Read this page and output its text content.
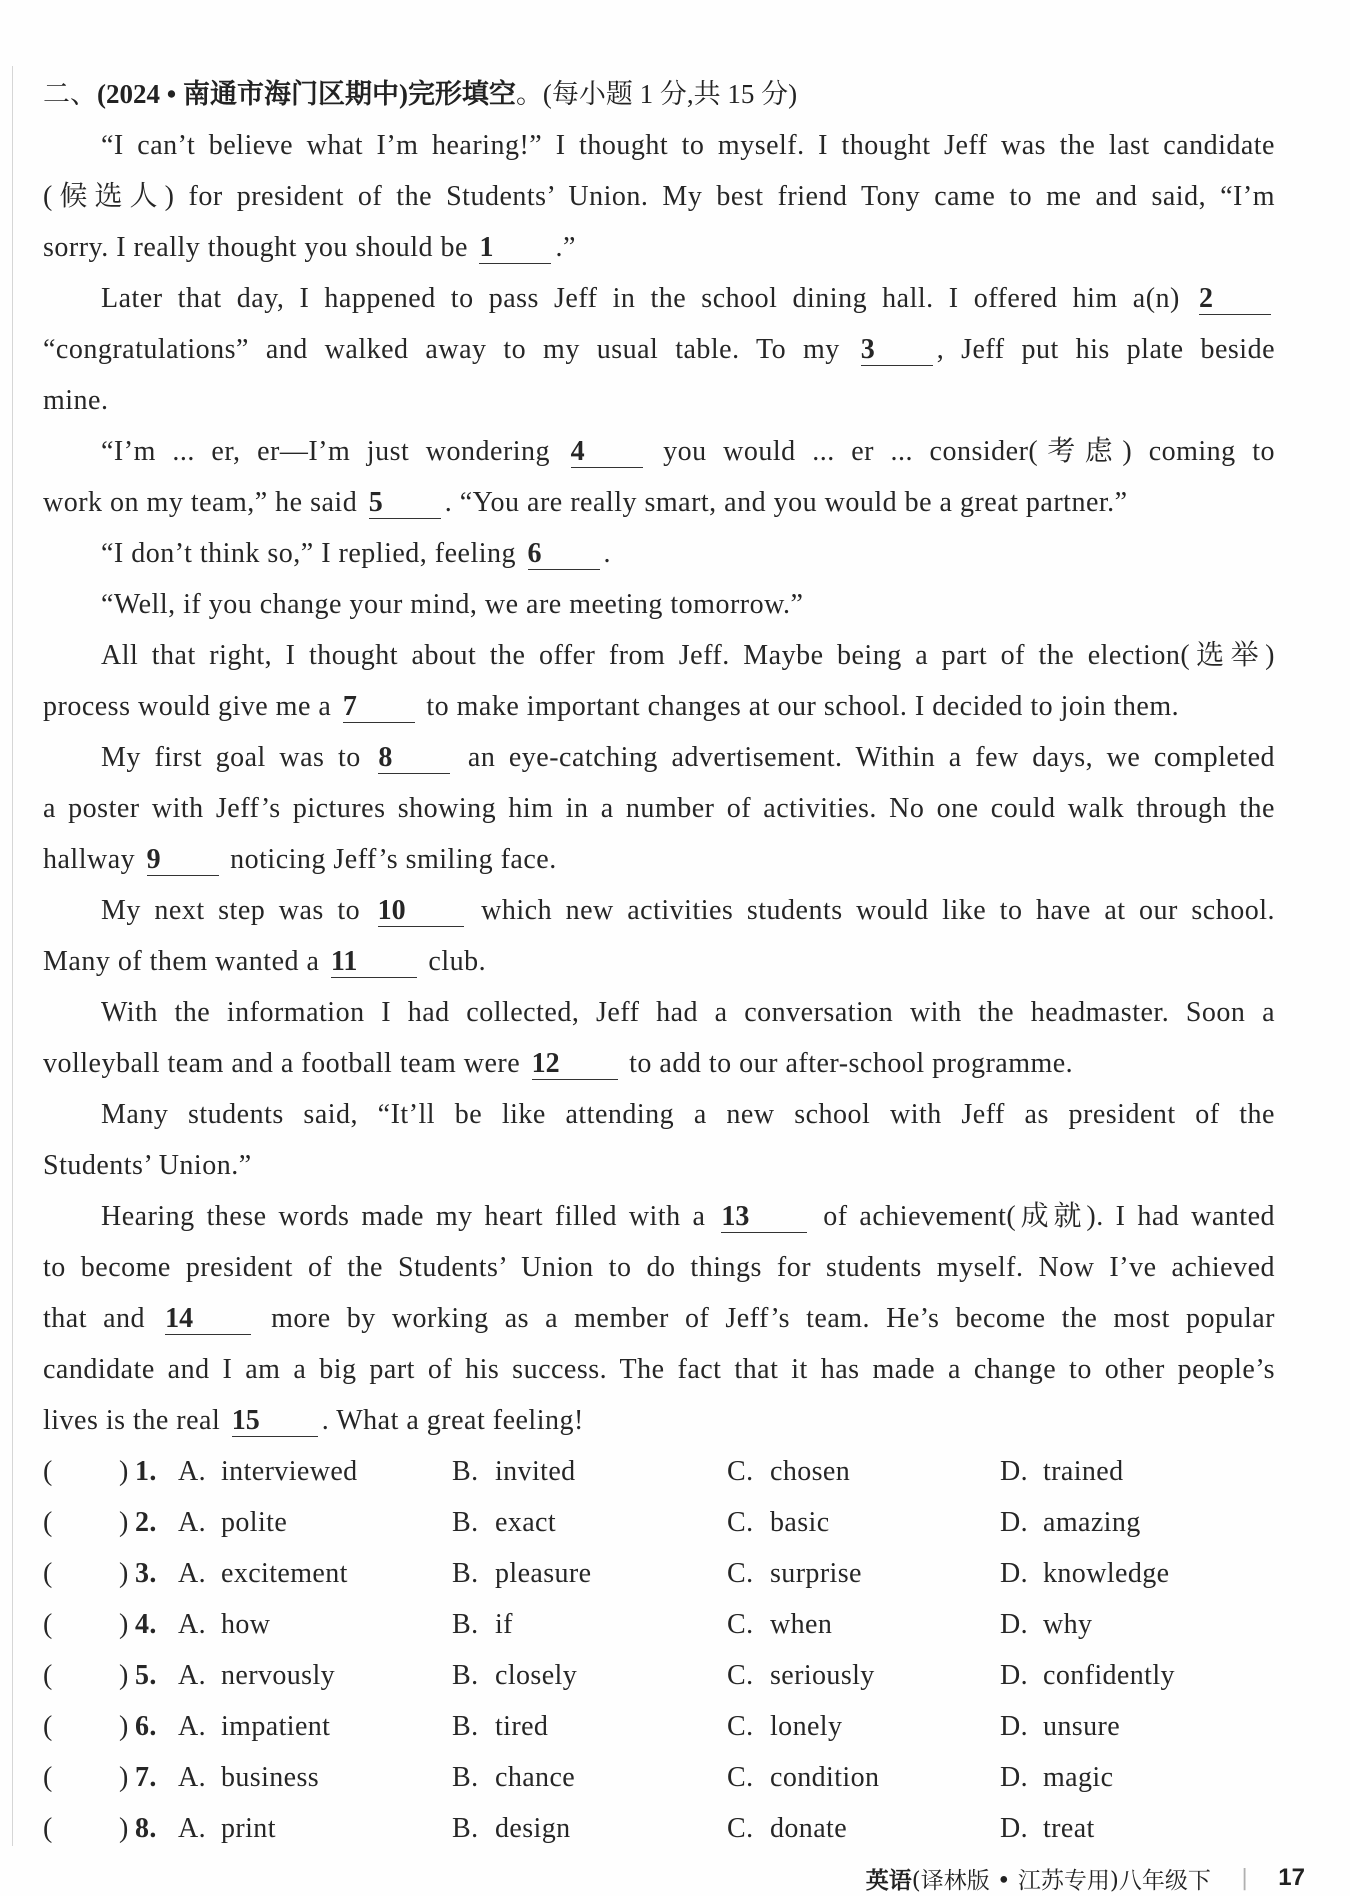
二、(2024 • 南通市海门区期中)完形填空。(每小题 1 分,共 15 分)
“I can’t believe what I’m hearing!” I thought to myself. I thought Jeff was the last candidate
(候选人) for president of the Students’ Union. My best friend Tony came to me and said, “I’m
sorry. I really thought you should be 1 .”
Later that day, I happened to pass Jeff in the school dining hall. I offered him a(n) 2
“congratulations” and walked away to my usual table. To my 3 , Jeff put his plate beside
mine.
“I’m ... er, er—I’m just wondering 4 you would ... er ... consider(考虑) coming to
work on my team,” he said 5 . “You are really smart, and you would be a great partner.”
“I don’t think so,” I replied, feeling 6 .
“Well, if you change your mind, we are meeting tomorrow.”
All that right, I thought about the offer from Jeff. Maybe being a part of the election(选举)
process would give me a 7 to make important changes at our school. I decided to join them.
My first goal was to 8 an eye-catching advertisement. Within a few days, we completed
a poster with Jeff’s pictures showing him in a number of activities. No one could walk through the
hallway 9 noticing Jeff’s smiling face.
My next step was to 10 which new activities students would like to have at our school.
Many of them wanted a 11 club.
With the information I had collected, Jeff had a conversation with the headmaster. Soon a
volleyball team and a football team were 12 to add to our after-school programme.
Many students said, “It’ll be like attending a new school with Jeff as president of the
Students’ Union.”
Hearing these words made my heart filled with a 13 of achievement(成就). I had wanted
to become president of the Students’ Union to do things for students myself. Now I’ve achieved
that and 14 more by working as a member of Jeff’s team. He’s become the most popular
candidate and I am a big part of his success. The fact that it has made a change to other people’s
lives is the real 15 . What a great feeling!
( ) 1. A. interviewed	B. invited	C. chosen	D. trained
( ) 2. A. polite	B. exact	C. basic	D. amazing
( ) 3. A. excitement	B. pleasure	C. surprise	D. knowledge
( ) 4. A. how	B. if	C. when	D. why
( ) 5. A. nervously	B. closely	C. seriously	D. confidently
( ) 6. A. impatient	B. tired	C. lonely	D. unsure
( ) 7. A. business	B. chance	C. condition	D. magic
( ) 8. A. print	B. design	C. donate	D. treat
英语(译林版 • 江苏专用)八年级下 | 17
